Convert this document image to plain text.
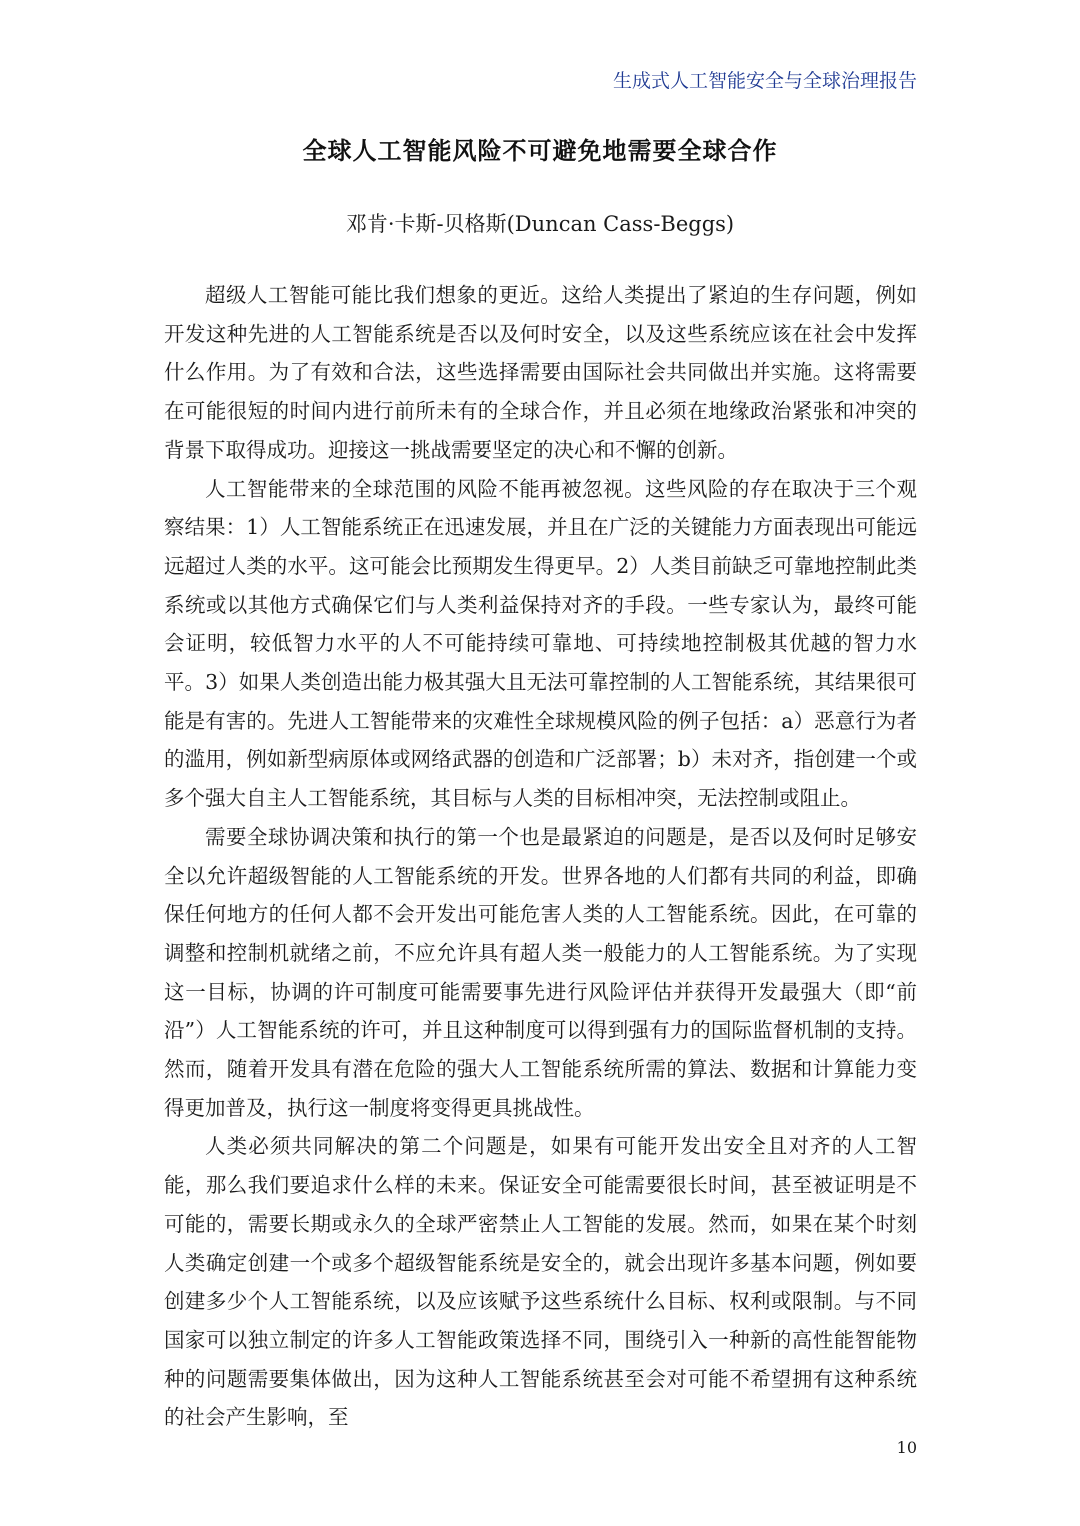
生成式人工智能安全与全球治理报告
全球人工智能风险不可避免地需要全球合作
邓肯·卡斯-贝格斯(Duncan Cass-Beggs)

超级人工智能可能比我们想象的更近。这给人类提出了紧迫的生存问题，例如开发这种先进的人工智能系统是否以及何时安全，以及这些系统应该在社会中发挥什么作用。为了有效和合法，这些选择需要由国际社会共同做出并实施。这将需要在可能很短的时间内进行前所未有的全球合作，并且必须在地缘政治紧张和冲突的背景下取得成功。迎接这一挑战需要坚定的决心和不懈的创新。

人工智能带来的全球范围的风险不能再被忽视。这些风险的存在取决于三个观察结果：1）人工智能系统正在迅速发展，并且在广泛的关键能力方面表现出可能远远超过人类的水平。这可能会比预期发生得更早。2）人类目前缺乏可靠地控制此类系统或以其他方式确保它们与人类利益保持对齐的手段。一些专家认为，最终可能会证明，较低智力水平的人不可能持续可靠地、可持续地控制极其优越的智力水平。3）如果人类创造出能力极其强大且无法可靠控制的人工智能系统，其结果很可能是有害的。先进人工智能带来的灾难性全球规模风险的例子包括：a）恶意行为者的滥用，例如新型病原体或网络武器的创造和广泛部署；b）未对齐，指创建一个或多个强大自主人工智能系统，其目标与人类的目标相冲突，无法控制或阻止。

需要全球协调决策和执行的第一个也是最紧迫的问题是，是否以及何时足够安全以允许超级智能的人工智能系统的开发。世界各地的人们都有共同的利益，即确保任何地方的任何人都不会开发出可能危害人类的人工智能系统。因此，在可靠的调整和控制机就绪之前，不应允许具有超人类一般能力的人工智能系统。为了实现这一目标，协调的许可制度可能需要事先进行风险评估并获得开发最强大（即“前沿”）人工智能系统的许可，并且这种制度可以得到强有力的国际监督机制的支持。然而，随着开发具有潜在危险的强大人工智能系统所需的算法、数据和计算能力变得更加普及，执行这一制度将变得更具挑战性。

人类必须共同解决的第二个问题是，如果有可能开发出安全且对齐的人工智能，那么我们要追求什么样的未来。保证安全可能需要很长时间，甚至被证明是不可能的，需要长期或永久的全球严密禁止人工智能的发展。然而，如果在某个时刻人类确定创建一个或多个超级智能系统是安全的，就会出现许多基本问题，例如要创建多少个人工智能系统，以及应该赋予这些系统什么目标、权利或限制。与不同国家可以独立制定的许多人工智能政策选择不同，围绕引入一种新的高性能智能物种的问题需要集体做出，因为这种人工智能系统甚至会对可能不希望拥有这种系统的社会产生影响，至

10
